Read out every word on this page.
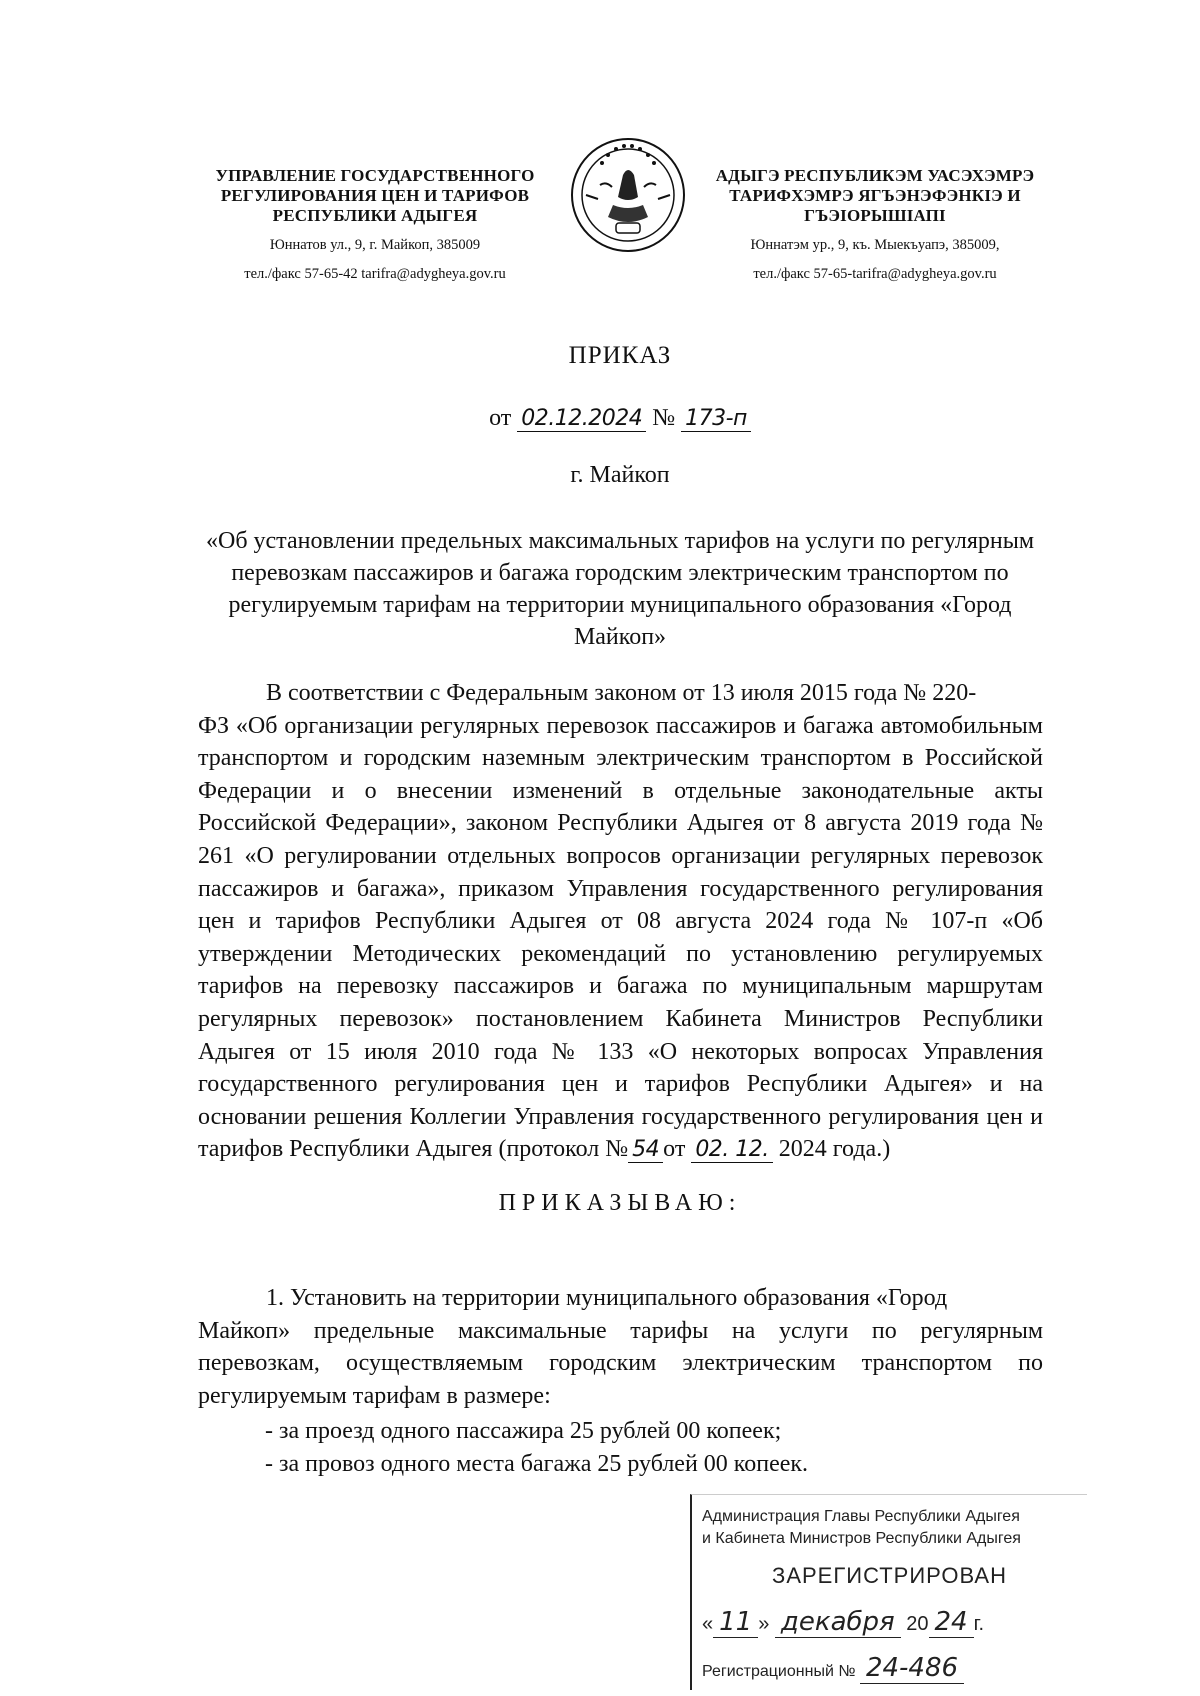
УПРАВЛЕНИЕ ГОСУДАРСТВЕННОГО
РЕГУЛИРОВАНИЯ ЦЕН И ТАРИФОВ
РЕСПУБЛИКИ АДЫГЕЯ
Юннатов ул., 9, г. Майкоп, 385009
тел./факс 57-65-42 tarifra@adygheya.gov.ru
АДЫГЭ РЕСПУБЛИКЭМ УАСЭХЭМРЭ
ТАРИФХЭМРЭ ЯГЪЭНЭФЭНКIЭ И
ГЪЭIОРЫШIАПI
Юннатэм ур., 9, къ. Мыекъуапэ, 385009,
тел./факс 57-65-tarifra@adygheya.gov.ru
ПРИКАЗ
от 02.12.2024 № 173-п
г. Майкоп
«Об установлении предельных максимальных тарифов на услуги по регулярным перевозкам пассажиров и багажа городским электрическим транспортом по регулируемым тарифам на территории муниципального образования «Город Майкоп»
В соответствии с Федеральным законом от 13 июля 2015 года № 220-
ФЗ «Об организации регулярных перевозок пассажиров и багажа автомобильным транспортом и городским наземным электрическим транспортом в Российской Федерации и о внесении изменений в отдельные законодательные акты Российской Федерации», законом Республики Адыгея от 8 августа 2019 года № 261 «О регулировании отдельных вопросов организации регулярных перевозок пассажиров и багажа», приказом Управления государственного регулирования цен и тарифов Республики Адыгея от 08 августа 2024 года № 107-п «Об утверждении Методических рекомендаций по установлению регулируемых тарифов на перевозку пассажиров и багажа по муниципальным маршрутам регулярных перевозок» постановлением Кабинета Министров Республики Адыгея от 15 июля 2010 года № 133 «О некоторых вопросах Управления государственного регулирования цен и тарифов Республики Адыгея» и на основании решения Коллегии Управления государственного регулирования цен и тарифов Республики Адыгея (протокол № 54 от 02. 12. 2024 года.)
ПРИКАЗЫВАЮ:
1. Установить на территории муниципального образования «Город
Майкоп» предельные максимальные тарифы на услуги по регулярным перевозкам, осуществляемым городским электрическим транспортом по регулируемым тарифам в размере:
- за проезд одного пассажира 25 рублей 00 копеек;
- за провоз одного места багажа 25 рублей 00 копеек.
Администрация Главы Республики Адыгея
и Кабинета Министров Республики Адыгея
ЗАРЕГИСТРИРОВАН
« 11 » декабря 20 24 г.
Регистрационный № 24-486
